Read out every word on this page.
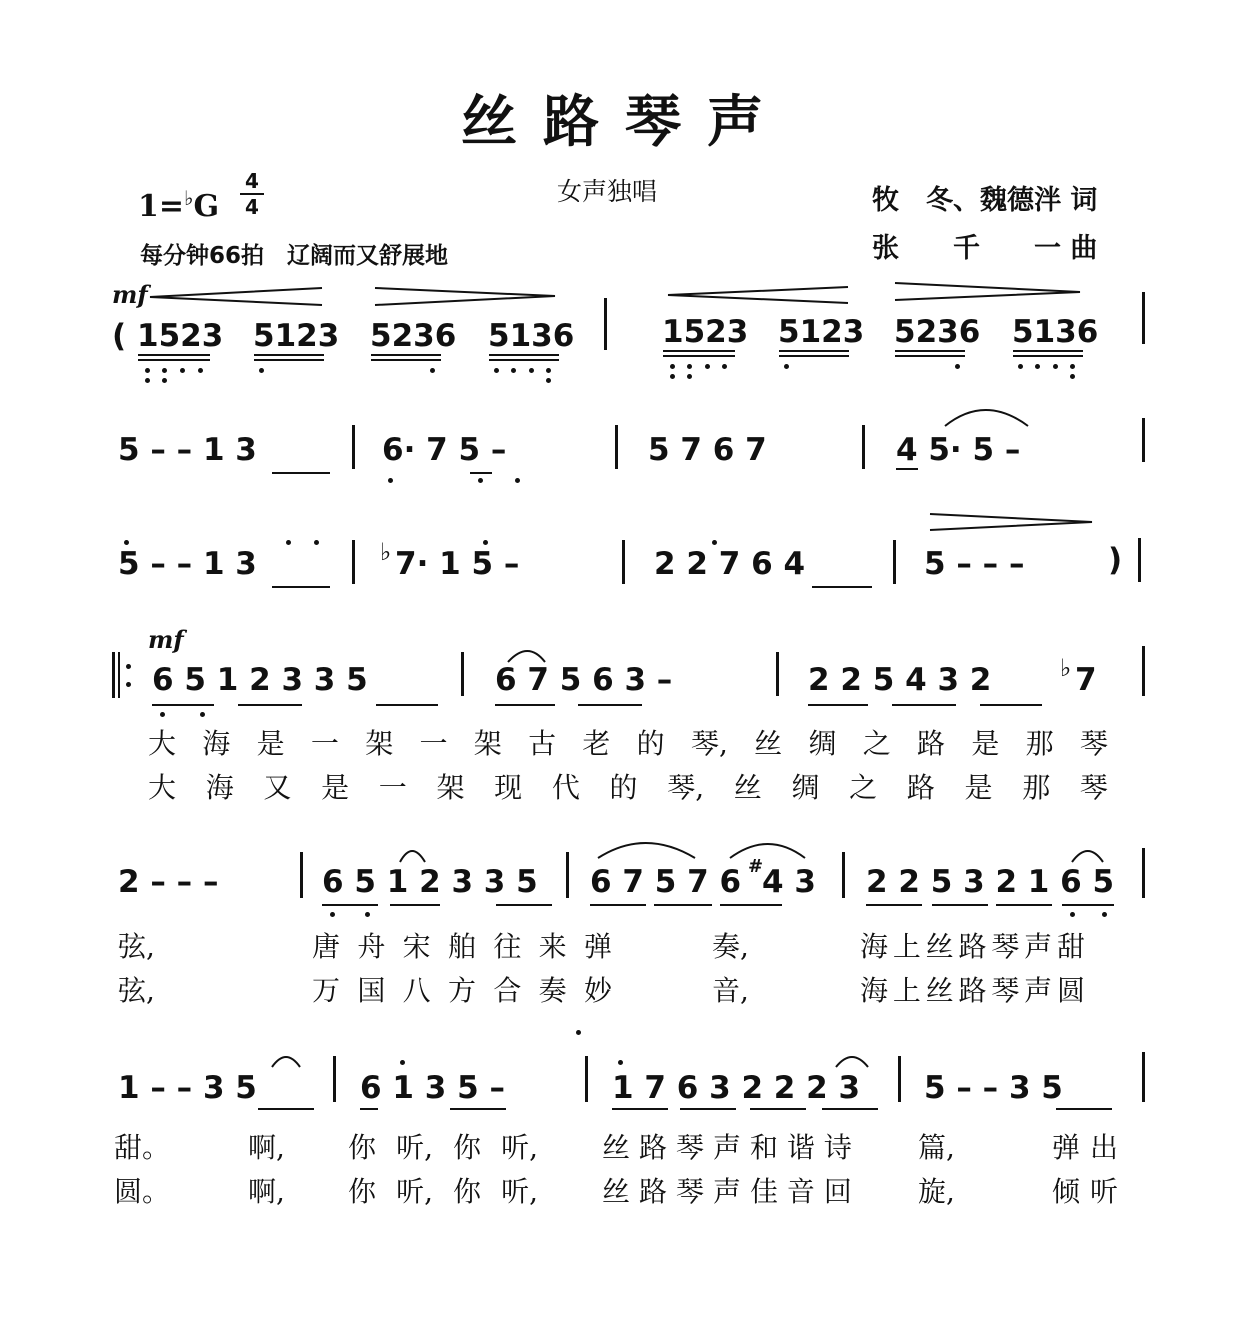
丝路琴声
女声独唱
1=♭G
4
4
每分钟66拍　辽阔而又舒展地
牧　冬、魏德泮 词
张　　千　　一 曲
mf
mf
( 1523 5123 5236 5136	1523 5123 5236 5136
5 – – 1 3	6· 7 5 –	5 7 6 7	4 5· 5 –
5 – – 1 3	♭ 7· 1 5 –	2 2 7 6 4	5 – – –	)
6 5 1 2 3 3 5	6 7 5 6 3 –	2 2 5 4 3 2	♭ 7
大 海 是 一 架 一 架 古 老 的 琴, 丝 绸 之 路 是 那 琴
大 海 又 是 一 架 现 代 的 琴, 丝 绸 之 路 是 那 琴
2 – – –	6 5 1 2 3 3 5 6 7 5 7 6 #
4 3 2 2 5 3 2 1 6 5
弦,	唐 舟 宋 舶 往 来 弹	奏,	海 上 丝 路 琴 声 甜
弦,	万 国 八 方 合 奏 妙	音,	海 上 丝 路 琴 声 圆
1 – – 3 5	6 1 3 5 –	1 7 6 3 2 2 2 3 5 – – 3 5
甜。	啊, 你 听, 你 听, 丝 路 琴 声 和 谐 诗 篇,	弹 出
圆。	啊, 你 听, 你 听, 丝 路 琴 声 佳 音 回 旋,	倾 听
